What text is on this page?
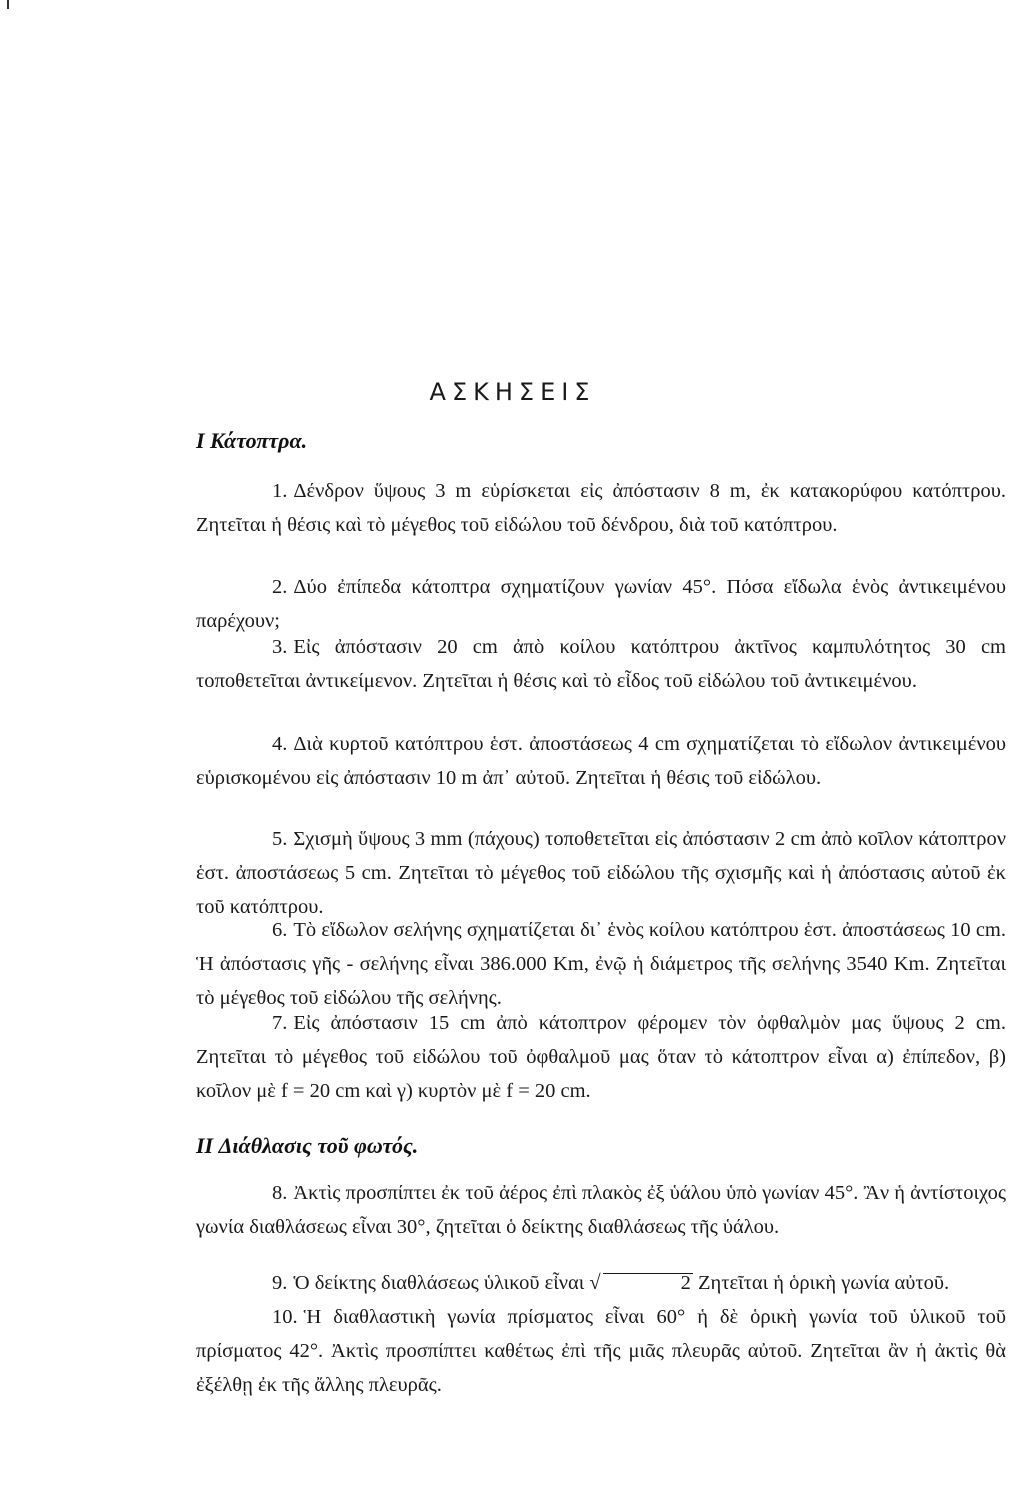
ΑΣΚΗΣΕΙΣ
I Κάτοπτρα.
1. Δένδρον ὕψους 3 m εὑρίσκεται εἰς ἀπόστασιν 8 m, ἐκ κατακορύφου κατόπτρου. Ζητεῖται ἡ θέσις καὶ τὸ μέγεθος τοῦ εἰδώλου τοῦ δένδρου, διὰ τοῦ κατόπτρου.
2. Δύο ἐπίπεδα κάτοπτρα σχηματίζουν γωνίαν 45°. Πόσα εἴδωλα ἑνὸς ἀντικειμένου παρέχουν;
3. Εἰς ἀπόστασιν 20 cm ἀπὸ κοίλου κατόπτρου ἀκτῖνος καμπυλότητος 30 cm τοποθετεῖται ἀντικείμενον. Ζητεῖται ἡ θέσις καὶ τὸ εἶδος τοῦ εἰδώλου τοῦ ἀντικειμένου.
4. Διὰ κυρτοῦ κατόπτρου ἑστ. ἀποστάσεως 4 cm σχηματίζεται τὸ εἴδωλον ἀντικειμένου εὑρισκομένου εἰς ἀπόστασιν 10 m ἀπ᾽ αὐτοῦ. Ζητεῖται ἡ θέσις τοῦ εἰδώλου.
5. Σχισμὴ ὕψους 3 mm (πάχους) τοποθετεῖται εἰς ἀπόστασιν 2 cm ἀπὸ κοῖλον κάτοπτρον ἑστ. ἀποστάσεως 5 cm. Ζητεῖται τὸ μέγεθος τοῦ εἰδώλου τῆς σχισμῆς καὶ ἡ ἀπόστασις αὐτοῦ ἐκ τοῦ κατόπτρου.
6. Τὸ εἴδωλον σελήνης σχηματίζεται δι᾽ ἑνὸς κοίλου κατόπτρου ἑστ. ἀποστάσεως 10 cm. Ἡ ἀπόστασις γῆς - σελήνης εἶναι 386.000 Km, ἐνῷ ἡ διάμετρος τῆς σελήνης 3540 Km. Ζητεῖται τὸ μέγεθος τοῦ εἰδώλου τῆς σελήνης.
7. Εἰς ἀπόστασιν 15 cm ἀπὸ κάτοπτρον φέρομεν τὸν ὀφθαλμὸν μας ὕψους 2 cm. Ζητεῖται τὸ μέγεθος τοῦ εἰδώλου τοῦ ὀφθαλμοῦ μας ὅταν τὸ κάτοπτρον εἶναι α) ἐπίπεδον, β) κοῖλον μὲ f = 20 cm καὶ γ) κυρτὸν μὲ f = 20 cm.
II Διάθλασις τοῦ φωτός.
8. Ἀκτὶς προσπίπτει ἐκ τοῦ ἀέρος ἐπὶ πλακὸς ἐξ ὑάλου ὑπὸ γωνίαν 45°. Ἂν ἡ ἀντίστοιχος γωνία διαθλάσεως εἶναι 30°, ζητεῖται ὁ δείκτης διαθλάσεως τῆς ὑάλου.
9. Ὁ δείκτης διαθλάσεως ὑλικοῦ εἶναι √	2 Ζητεῖται ἡ ὁρικὴ γωνία αὐτοῦ.
10. Ἡ διαθλαστικὴ γωνία πρίσματος εἶναι 60° ἡ δὲ ὁρικὴ γωνία τοῦ ὑλικοῦ τοῦ πρίσματος 42°. Ἀκτὶς προσπίπτει καθέτως ἐπὶ τῆς μιᾶς πλευρᾶς αὐτοῦ. Ζητεῖται ἂν ἡ ἀκτὶς θὰ ἐξέλθῃ ἐκ τῆς ἄλλης πλευρᾶς.
